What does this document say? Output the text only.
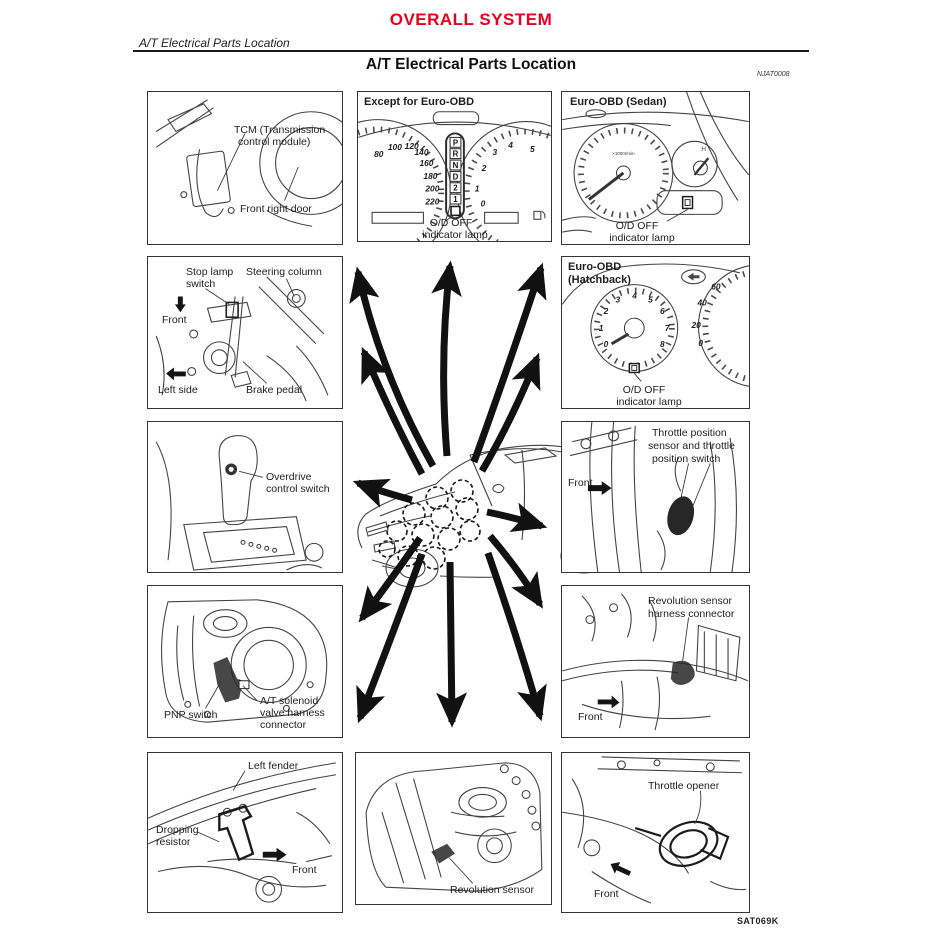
OVERALL SYSTEM
A/T Electrical Parts Location
A/T Electrical Parts Location
NJAT0008
SAT069K
TCM (Transmission
control module)
Front right door
80
100 120
140
160
180
200
220
3
4 5
2
1
0
P
R
N
D
2
1
Except for Euro-OBD
O/D OFF
indicator lamp
×1000r/min
H
Euro-OBD (Sedan)
O/D OFF
indicator lamp
Stop lamp
switch
Steering column
Front
Left side	Brake pedal
0
1
2
3 4 5
6
7
8
60
40
20
0
Euro-OBD
(Hatchback)
O/D OFF
indicator lamp
Overdrive
control switch
Throttle position
sensor and throttle
position switch
Front
PNP switch
A/T solenoid
valve harness
connector
Revolution sensor
harness connector
Front
Left fender
Dropping
resistor
Front
Revolution sensor
Throttle opener
Front
